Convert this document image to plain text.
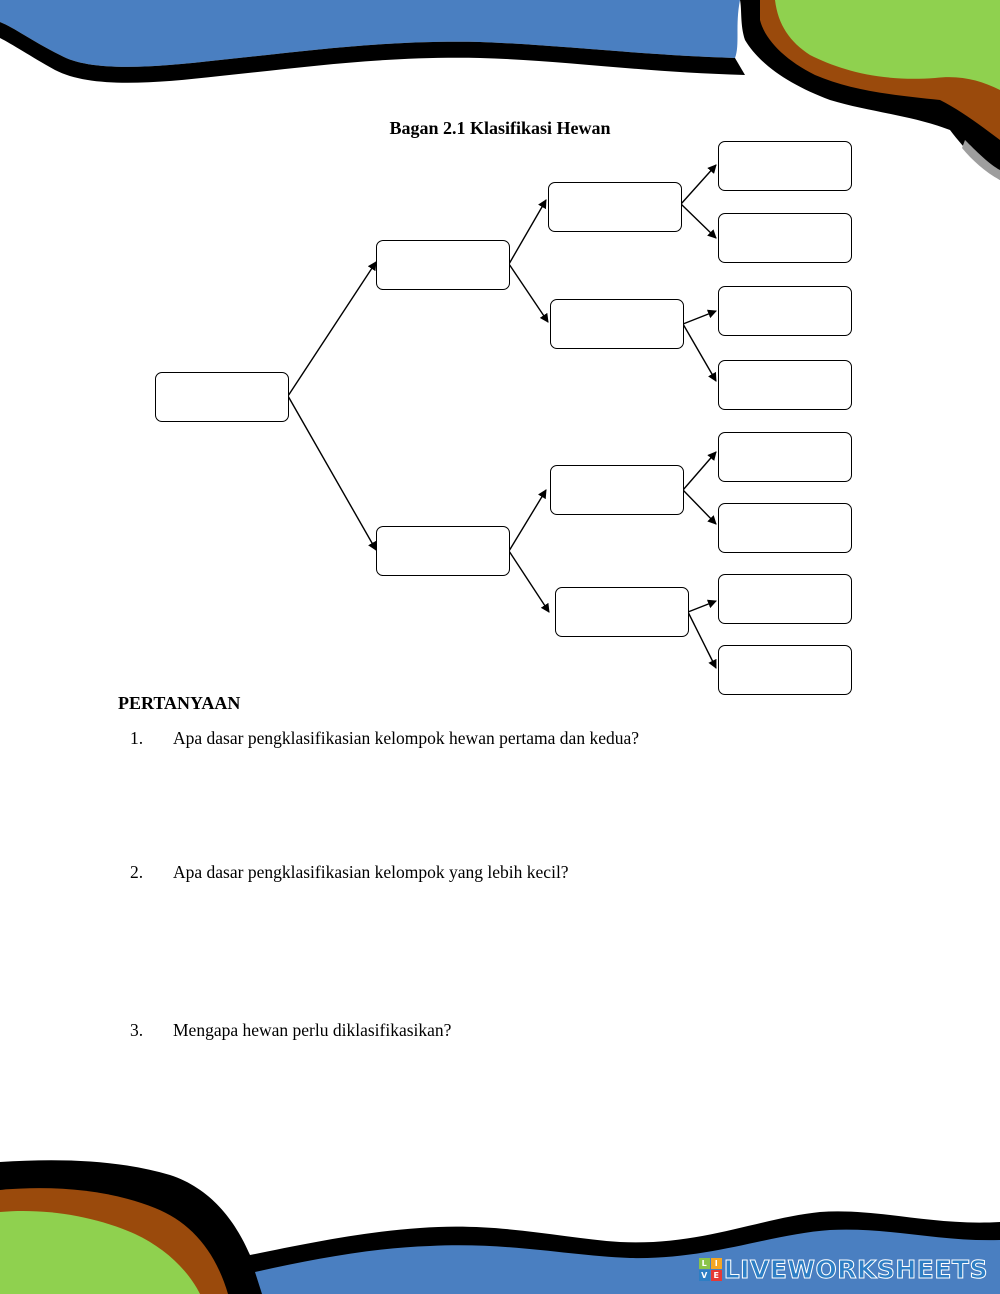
Bagan 2.1 Klasifikasi Hewan
PERTANYAAN
1. Apa dasar pengklasifikasian kelompok hewan pertama dan kedua?
2. Apa dasar pengklasifikasian kelompok yang lebih kecil?
3. Mengapa hewan perlu diklasifikasikan?
L I
V E LIVEWORKSHEETS
